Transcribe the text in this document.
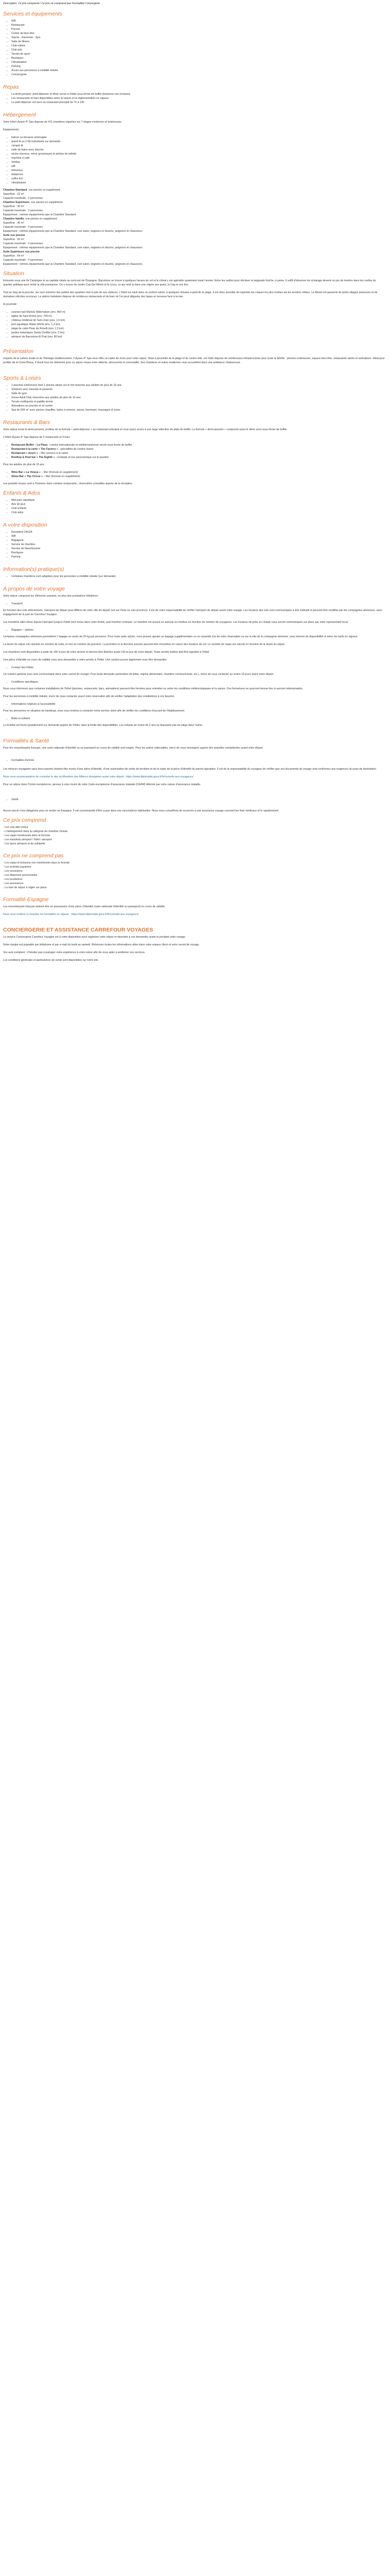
Description: Ce prix comprend / Ce prix ne comprend pas Formalités Concergerie
Services et équipements
• Wifi
• Restaurant
• Piscine
• Centre de bien-être
• Sauna - Hammam - Spa
• Salle de fitness
• Club enfant
• Club ado
• Terrain de sport
• Boutiques
• Climatisation
• Parking
• Accès aux personnes à mobilité réduite
• Conciergerie
Repas
• La demi-pension: petit-déjeuner et dîner servis à l'hôtel sous forme de buffet (boissons non incluses)
• Les restaurants et bars disponibles selon la saison et la réglementation en vigueur
• Le petit-déjeuner est servi au restaurant principal de 7h à 10h
Hébergement

Votre hôtel Ulysee 4* Spa dispose de 411 chambres réparties sur 7 étages modernes et lumineuses.

Équipements :

• balcon ou terrasse aménagée
• grand lit ou 2 lits individuels sur demande
• canapé-lit
• salle de bains avec douche
• sèche-cheveux, miroir grossissant et articles de toilette
• machine à café
• minibar
• wifi
• téléviseur
• téléphone
• coffre-fort
• climatisation
Chambre Standard, vue piscine ou supplément
Superficie : 22 m²
Capacité maximale : 2 personnes
Chambre Supérieure, vue piscine en supplément
Superficie : 30 m²
Capacité maximale : 3 personnes
Équipement : mêmes équipements que la Chambre Standard
Chambre famille, vue piscine en supplément
Superficie : 40 m²
Capacité maximale : 4 personnes
Équipement : mêmes équipements que la Chambre Standard, coin salon, teignoirs et douche, peignoirs et chaussons
Suite vue piscine
Superficie : 50 m²
Capacité maximale : 4 personnes
Équipement : mêmes équipements que la Chambre Standard, coin salon, teignoirs et douche, peignoirs et chaussons
Suite Supérieure vue piscine
Superficie : 64 m²
Capacité maximale : 4 personnes
Équipement : mêmes équipements que la Chambre Standard, coin salon, teignoirs et douche, peignoirs et chaussons
Situation

Entourée sous une île Catalogne et sa capitale située au nord-est de l'Espagne. Barcelone se trouve à quelques heures de vol et le climat y est agréable quasiment toute l'année. Entre les ruelles pour déclarer la baignade fraîche, à peine. Il suffit d'observer les éclairage devenir un jeu de lumière dans les ruelles du quartier gothique pour sentir la ville parisienne. On y trouve du centre Cap Del Mirelo et le Liceu, ce qui rend la dans une région aux quais, la Cap et ses îles.

Tout au long de la journée, les rues animées des petites des quartiers font la joie de ses visiteurs. L'hôtel est situé dans un endroit calme, à quelques minutes à pied de la plage. Il est donc possible de rejoindre les criques les plus isolées via les sentiers côtiers. Le littoral est parsemé de petits villages préservés et de domaines viticoles reconnus. La station balnéaire dispose de nombreux restaurants et de bars où l'on peut déguster des tapas en terrasse face à la mer.

À proximité :

• courses taxi Mariola Hibernatum (env. 400 m)
• église de Sant Romà (env. 700 m)
• château médiéval de Sant Joan (env. 1,5 km)
• port aquatique Water World (env. 1,3 km)
• plage de cabo Pinar de Roselli (env. 1,5 km)
• jardins botaniques Santa Clotilde (env. 2 km)
• aéroport de Barcelone-El Prat (env. 80 km)
Présentation

Inspirée de la culture locale et de l'héritage méditerranéen, l'Ulysee 4* Spa vous offre un cadre de choix pour votre séjour. Situé à proximité de la plage et du centre-ville, cet hôtel dispose de nombreuses infrastructures pour toute la famille : piscines extérieures, espace bien-être, restaurants variés et animations. Idéal pour profiter de la Costa Brava, il réunit tous les éléments pour un séjour réussi entre détente, découverte et convivialité. Ses chambres et suites modernes vous accueillent dans une ambiance chaleureuse.

Sports & Loisirs
• 2 piscines extérieures dont 1 piscine située sur le toit réservée aux adultes de plus de 16 ans
• Solarium avec transats et parasols
• Salle de gym
• Zones Adult Only réservées aux adultes de plus de 16 ans
• Terrain multisports et paddle tennis
• Animations en journée et en soirée
• Spa de 600 m² avec piscine chauffée, bains à remous, sauna, hammam, massages et soins
Restaurants & Bars

Votre séjour inclut la demi-pension, profitez de la formule « petit-déjeuner » au restaurant principal et vous aurez accès à une large sélection de plats du buffet. La formule « demi-pension » comprend aussi le dîner servi sous forme de buffet.

L'hôtel Ulysee 4* Spa dispose de 3 restaurants et 4 bars :

• Restaurant Buffet – La Plaza : cuisine internationale et méditerranéenne servie sous forme de buffet
• Restaurant à la carte « The Factory » : spécialités de cuisine fusion
• Restaurant « Azure » – Mer (service à la carte)
• Rooftop & Pool bar « The Eighth » : cocktails et vue panoramique sur le quartier

Pour les adultes de plus de 16 ans :

• Wine Bar « La Vineya » – Mer (formule en supplément)
• Show Bar « The Circus » – Mer (formule en supplément)

Les produits locaux sont à l'honneur dans certains restaurants ; réservation conseillée auprès de la réception.

Enfants & Ados
• Mini-parc aquatique
• Aire de jeux
• Club enfants
• Club ados
A votre disposition
• Réception 24h/24
• Wifi
• Bagagerie
• Service de chambre
• Service de blanchisserie
• Boutiques
• Parking
Information(s) pratique(s)
• Certaines chambres sont adaptées pour les personnes à mobilité réduite (sur demande).
À propos de votre voyage

Votre séjour comprend les éléments suivants, en plus des prestations hôtelières :

• Transport

En fonction des vols sélectionnés, l'aéroport de départ peut différer de votre ville de départ (vol sur Paris ou vols province). Il est de votre responsabilité de vérifier l'aéroport de départ avant votre voyage. Les horaires des vols sont communiqués à titre indicatif et peuvent être modifiés par les compagnies aériennes, sans engagement de la part de Carrefour Voyages.

Les transferts aller-retour depuis l'aéroport jusqu'à l'hôtel sont inclus dans votre forfait, sauf mention contraire. Le transfert est assuré en autocar ou minibus en fonction du nombre de voyageurs. Les horaires de prise en charge vous seront communiqués sur place par votre représentant local.

• Bagages – options

Certaines compagnies aériennes permettent 1 bagage en soute de 20 kg par personne. Pour toute autre option, vous pouvez ajouter un bagage supplémentaire ou un surpoids lors de votre réservation ou sur le site de la compagnie aérienne, sous réserve de disponibilité et selon les tarifs en vigueur.

La durée du séjour est calculée en nombre de nuits, et non en nombre de journées. La première et la dernière journée peuvent être écourtées en raison des horaires de vol. Le nombre de repas est calculé en fonction de la durée du séjour.

Les chambres sont disponibles à partir de 15h le jour de votre arrivée et doivent être libérées avant 12h le jour de votre départ. Toute arrivée tardive doit être signalée à l'hôtel.

Une pièce d'identité en cours de validité vous sera demandée à votre arrivée à l'hôtel. Une caution pourra également vous être demandée.

• Contact des hôtels

Un numéro général vous sera communiqué dans votre carnet de voyage. Pour toute demande particulière (lit bébé, régime alimentaire, chambre communicante, etc.), merci de nous contacter au moins 15 jours avant votre départ.

• Conditions spécifiques

Nous vous informons que certaines installations de l'hôtel (piscines, restaurants, bars, animations) peuvent être fermées pour entretien ou selon les conditions météorologiques et la saison. Ces fermetures ne pourront donner lieu à aucune indemnisation.

Pour les personnes à mobilité réduite, merci de nous contacter avant votre réservation afin de vérifier l'adaptation des installations à vos besoins.

• Informations relatives à l'accessibilité

Pour les personnes en situation de handicap, nous vous invitons à contacter notre service client afin de vérifier les conditions d'accueil de l'établissement.

• Bébé et enfants

Le lit bébé est fourni gratuitement sur demande auprès de l'hôtel, dans la limite des disponibilités. Les enfants de moins de 2 ans ne disposent pas de siège dans l'avion.

Formalités & Santé

Pour les ressortissants français, une carte nationale d'identité ou un passeport en cours de validité sont exigés. Pour les autres nationalités, merci de vous renseigner auprès des autorités compétentes avant votre départ.

• Formalités d'entrée

Les mineurs voyageant sans leurs parents doivent être munis d'une pièce d'identité, d'une autorisation de sortie de territoire et de la copie de la pièce d'identité du parent signataire. Il est de la responsabilité du voyageur de vérifier que ses documents de voyage sont conformes aux exigences du pays de destination.

Nous vous recommandons de consulter le site du Ministère des Affaires étrangères avant votre départ : https://www.diplomatie.gouv.fr/fr/conseils-aux-voyageurs/

Pour un séjour dans l'Union européenne, pensez à vous munir de votre Carte européenne d'assurance maladie (CEAM) délivrée par votre caisse d'assurance maladie.

• Santé

Aucun vaccin n'est obligatoire pour se rendre en Espagne. Il est recommandé d'être à jour dans ses vaccinations habituelles. Nous vous conseillons de souscrire à une assurance voyage couvrant les frais médicaux et le rapatriement.

Ce prix comprend
- Les vols aller-retour
- L'hébergement dans la catégorie de chambre choisie
- Les repas mentionnés dans la formule
- Les transferts aéroport / hôtel / aéroport
- Les taxes aéroport et de solidarité
Ce prix ne comprend pas
- Les repas et boissons non mentionnés dans la formule
- Les activités payantes
- Les excursions
- Les dépenses personnelles
- Les pourboires
- Les assurances
- La taxe de séjour à régler sur place
Formalité Espagne

Les ressortissants français doivent être en possession d'une pièce d'identité (carte nationale d'identité ou passeport) en cours de validité.

Nous vous invitons à consulter les formalités en vigueur : https://www.diplomatie.gouv.fr/fr/conseils-aux-voyageurs/

CONCIERGERIE ET ASSISTANCE CARREFOUR VOYAGES

Le service Conciergerie Carrefour Voyages est à votre disposition pour organiser votre séjour et répondre à vos demandes avant et pendant votre voyage.

Notre équipe est joignable par téléphone et par e-mail du lundi au samedi. Retrouvez toutes les informations utiles dans votre espace client et votre carnet de voyage.

Vos avis comptent : n'hésitez pas à partager votre expérience à votre retour afin de nous aider à améliorer nos services.

Les conditions générales et particulières de vente sont disponibles sur notre site.
